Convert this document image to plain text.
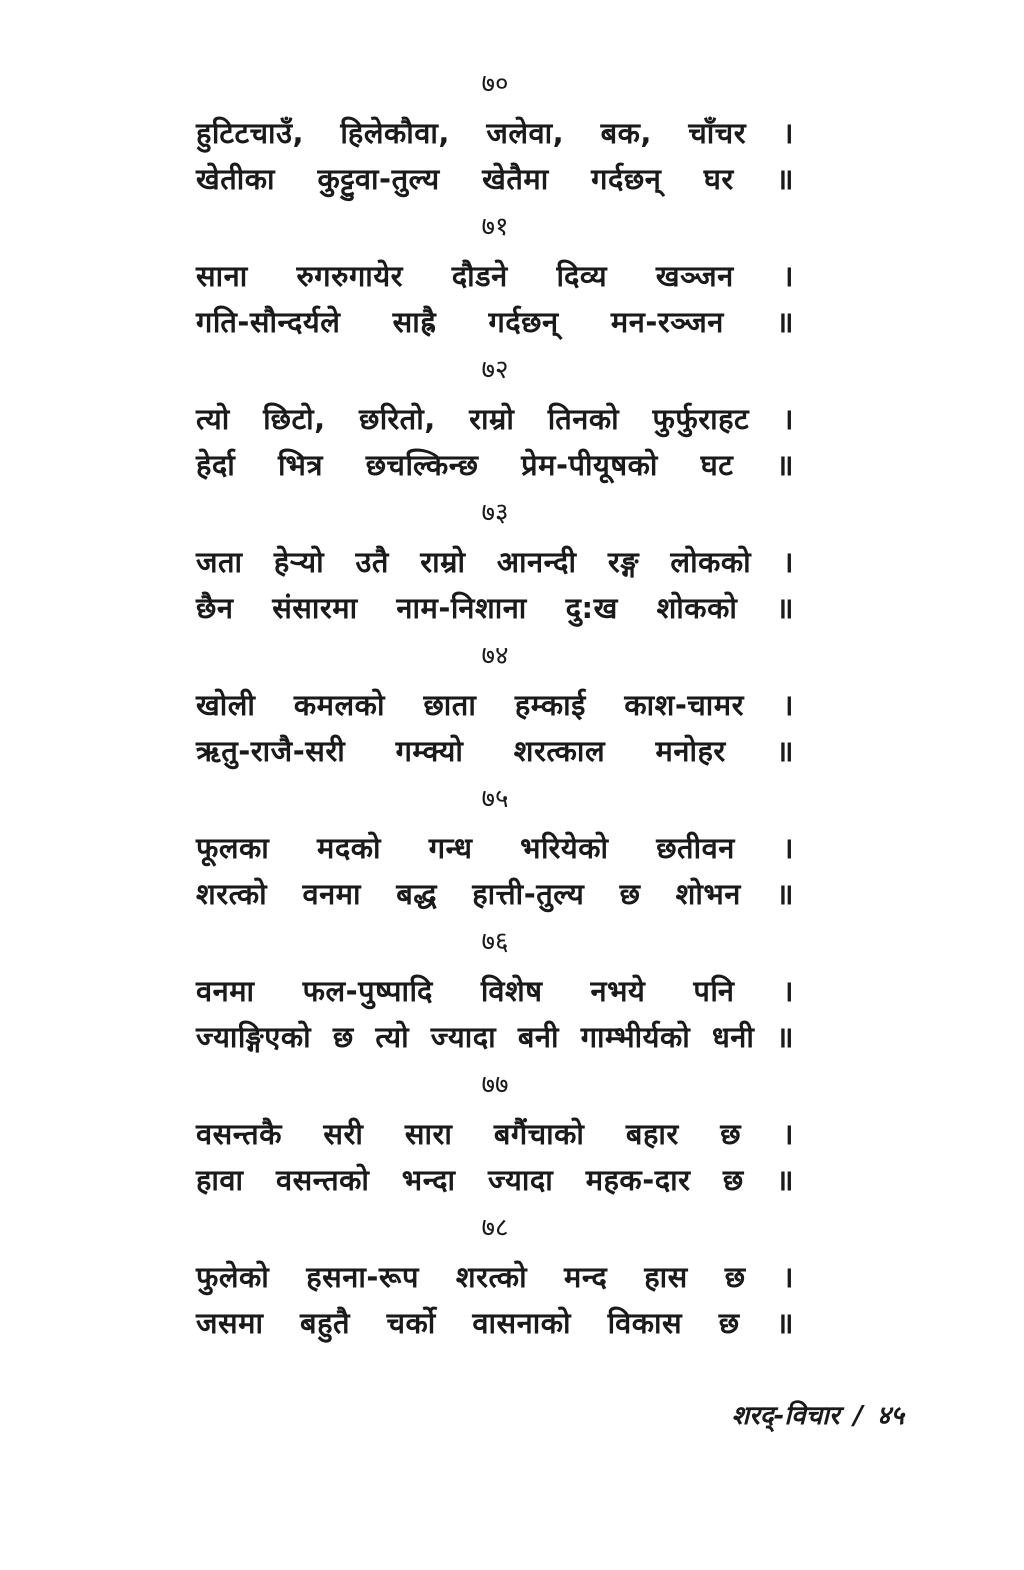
७०
हुटिटचाउँ, हिलेकौवा, जलेवा, बक, चाँचर ।
खेतीका कुट्टुवा-तुल्य खेतैमा गर्दछन् घर ॥
७१
साना रुगरुगायेर दौडने दिव्य खञ्जन ।
गति-सौन्दर्यले साह्रै गर्दछन् मन-रञ्जन ॥
७२
त्यो छिटो, छरितो, राम्रो तिनको फुर्फुराहट ।
हेर्दा भित्र छचल्किन्छ प्रेम-पीयूषको घट ॥
७३
जता हेऱ्यो उतै राम्रो आनन्दी रङ्ग लोकको ।
छैन संसारमा नाम-निशाना दु:ख शोकको ॥
७४
खोली कमलको छाता हम्काई काश-चामर ।
ऋतु-राजै-सरी गम्क्यो शरत्काल मनोहर ॥
७५
फूलका मदको गन्ध भरियेको छतीवन ।
शरत्को वनमा बद्ध हात्ती-तुल्य छ शोभन ॥
७६
वनमा फल-पुष्पादि विशेष नभये पनि ।
ज्याङ्गिएको छ त्यो ज्यादा बनी गाम्भीर्यको धनी ॥
७७
वसन्तकै सरी सारा बगैंचाको बहार छ ।
हावा वसन्तको भन्दा ज्यादा महक-दार छ ॥
७८
फुलेको हसना-रूप शरत्को मन्द हास छ ।
जसमा बहुतै चर्को वासनाको विकास छ ॥
शरद्-विचार / ४५
